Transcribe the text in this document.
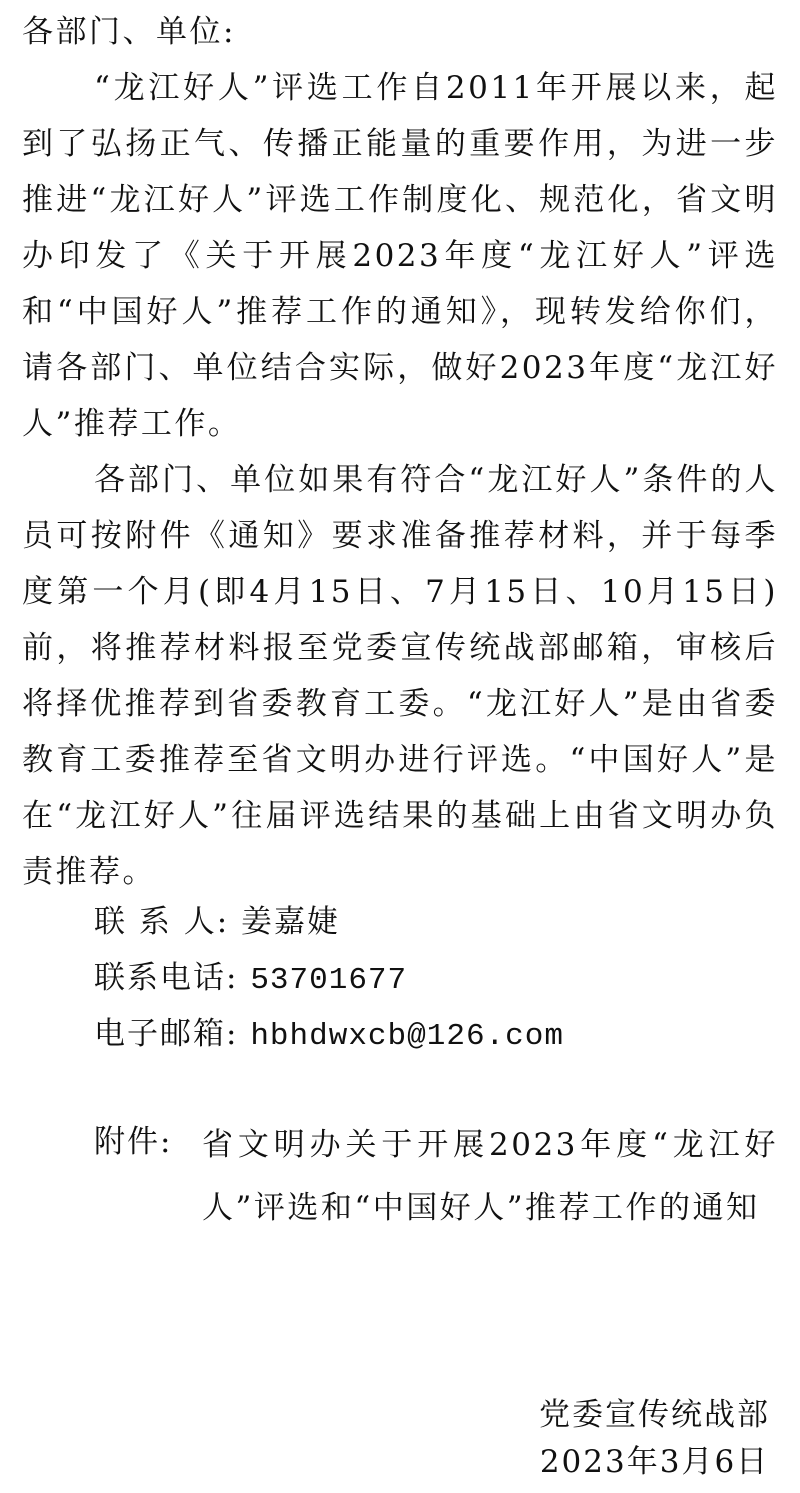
各部门、单位:
“龙江好人”评选工作自2011年开展以来，起到了弘扬正气、传播正能量的重要作用，为进一步推进“龙江好人”评选工作制度化、规范化，省文明办印发了《关于开展2023年度“龙江好人”评选和“中国好人”推荐工作的通知》，现转发给你们，请各部门、单位结合实际，做好2023年度“龙江好人”推荐工作。
各部门、单位如果有符合“龙江好人”条件的人员可按附件《通知》要求准备推荐材料，并于每季度第一个月(即4月15日、7月15日、10月15日)前，将推荐材料报至党委宣传统战部邮箱，审核后将择优推荐到省委教育工委。“龙江好人”是由省委教育工委推荐至省文明办进行评选。“中国好人”是在“龙江好人”往届评选结果的基础上由省文明办负责推荐。
联 系 人: 姜嘉婕
联系电话: 53701677
电子邮箱: hbhdwxcb@126.com
附件: 省文明办关于开展2023年度“龙江好人”评选和“中国好人”推荐工作的通知
党委宣传统战部
2023年3月6日
